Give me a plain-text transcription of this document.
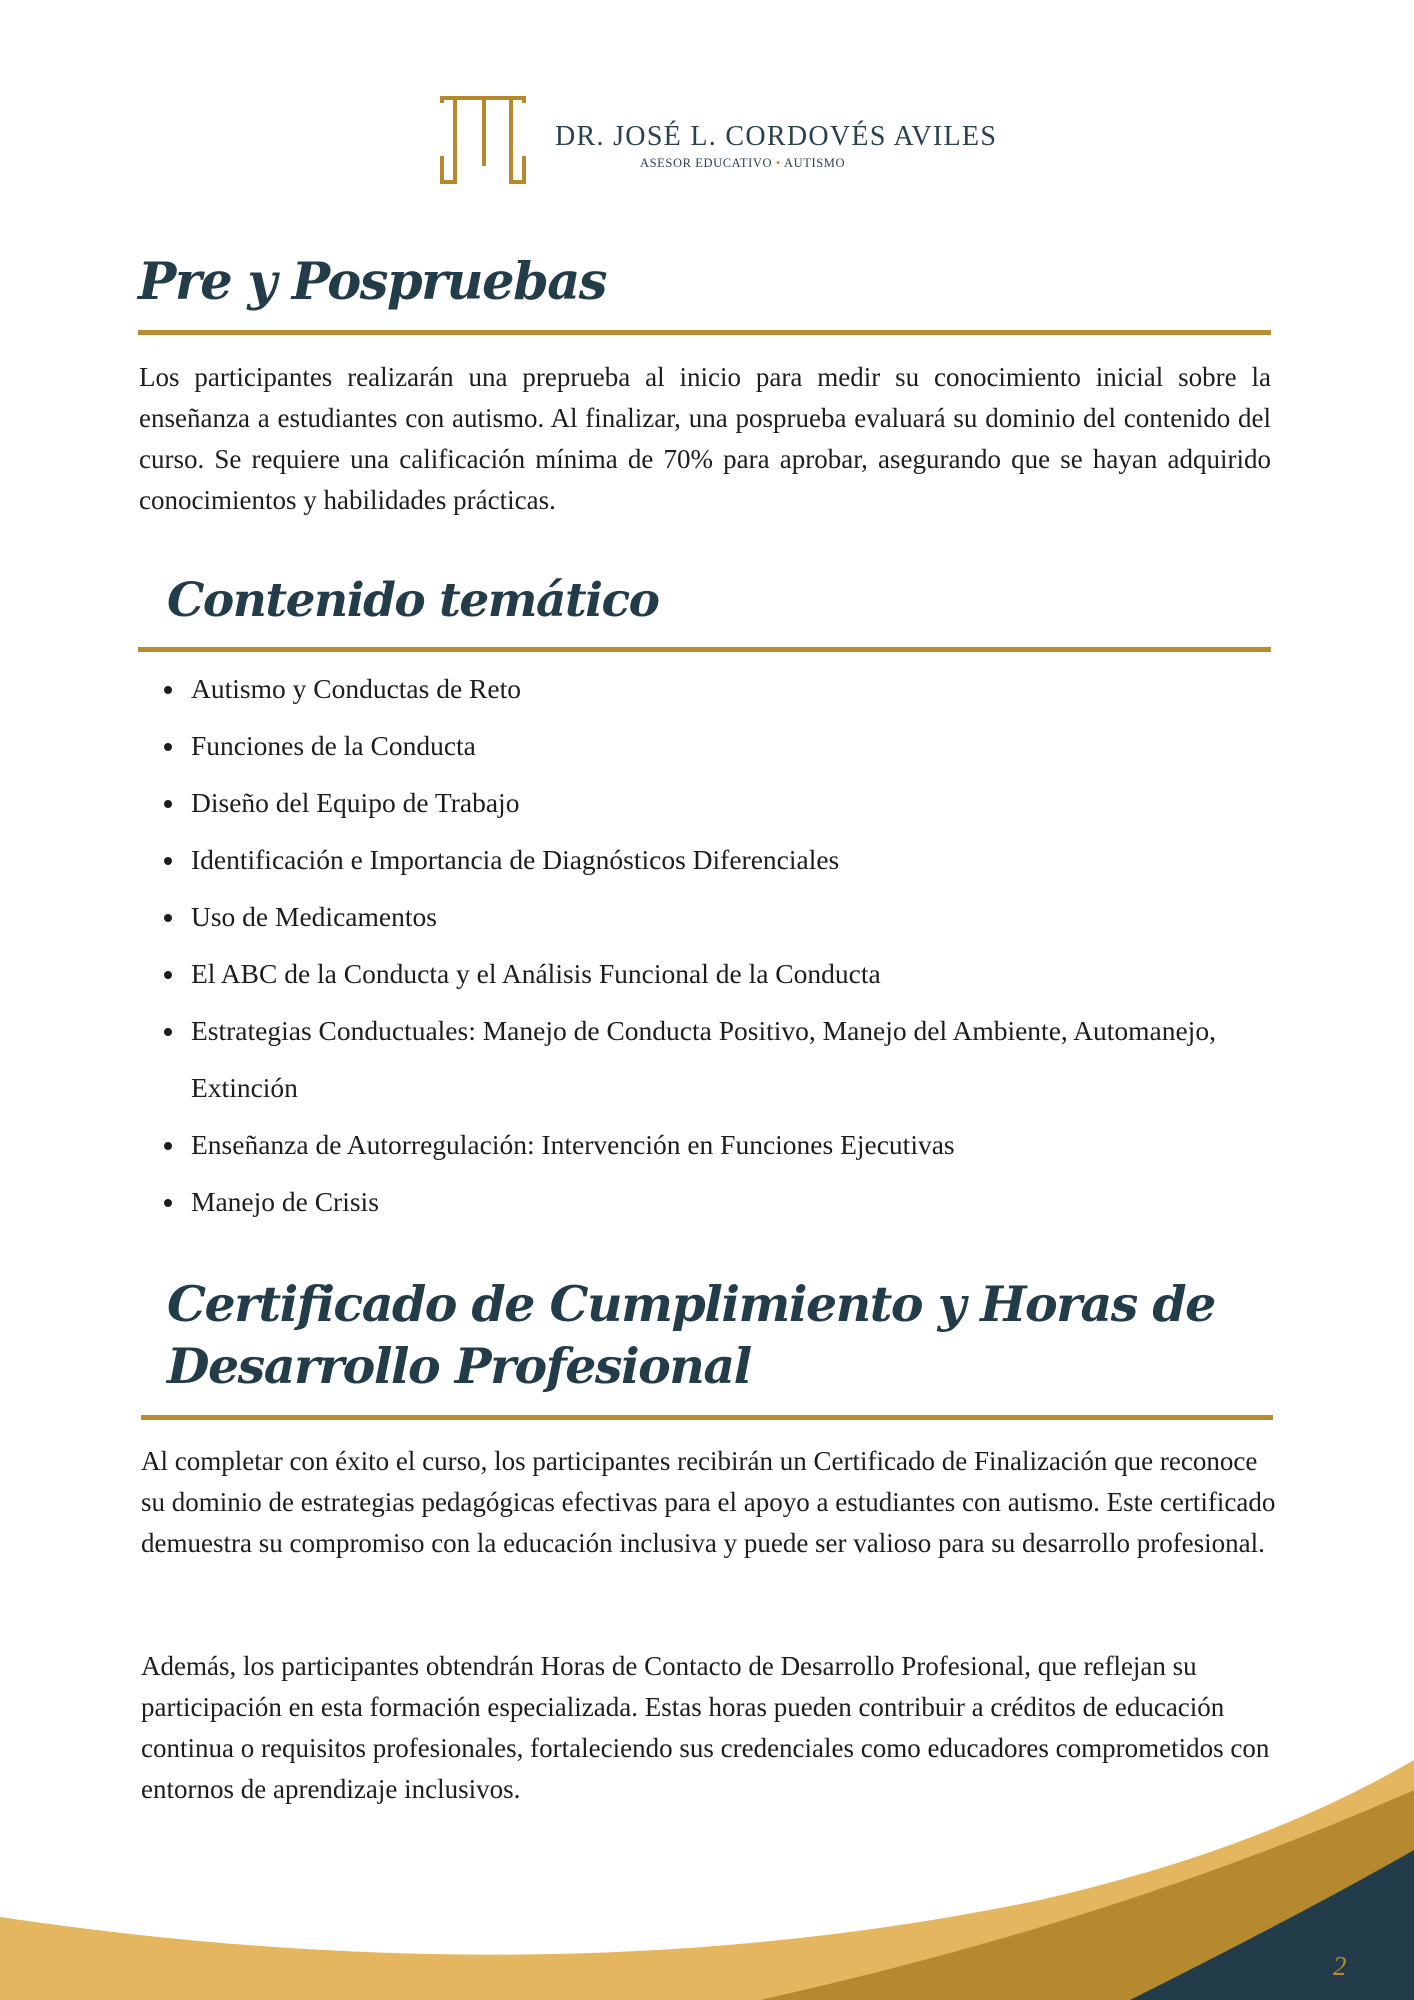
DR. JOSÉ L. CORDOVÉS AVILES
ASESOR EDUCATIVO • AUTISMO
Pre y Pospruebas

Los participantes realizarán una preprueba al inicio para medir su conocimiento inicial sobre la enseñanza a estudiantes con autismo. Al finalizar, una posprueba evaluará su dominio del contenido del curso. Se requiere una calificación mínima de 70% para aprobar, asegurando que se hayan adquirido conocimientos y habilidades prácticas.

Contenido temático
Autismo y Conductas de Reto
Funciones de la Conducta
Diseño del Equipo de Trabajo
Identificación e Importancia de Diagnósticos Diferenciales
Uso de Medicamentos
El ABC de la Conducta y el Análisis Funcional de la Conducta
Estrategias Conductuales: Manejo de Conducta Positivo, Manejo del Ambiente, Automanejo, Extinción
Enseñanza de Autorregulación: Intervención en Funciones Ejecutivas
Manejo de Crisis
Certificado de Cumplimiento y Horas de
Desarrollo Profesional

Al completar con éxito el curso, los participantes recibirán un Certificado de Finalización que reconoce su dominio de estrategias pedagógicas efectivas para el apoyo a estudiantes con autismo. Este certificado demuestra su compromiso con la educación inclusiva y puede ser valioso para su desarrollo profesional.

Además, los participantes obtendrán Horas de Contacto de Desarrollo Profesional, que reflejan su participación en esta formación especializada. Estas horas pueden contribuir a créditos de educación continua o requisitos profesionales, fortaleciendo sus credenciales como educadores comprometidos con entornos de aprendizaje inclusivos.

2
